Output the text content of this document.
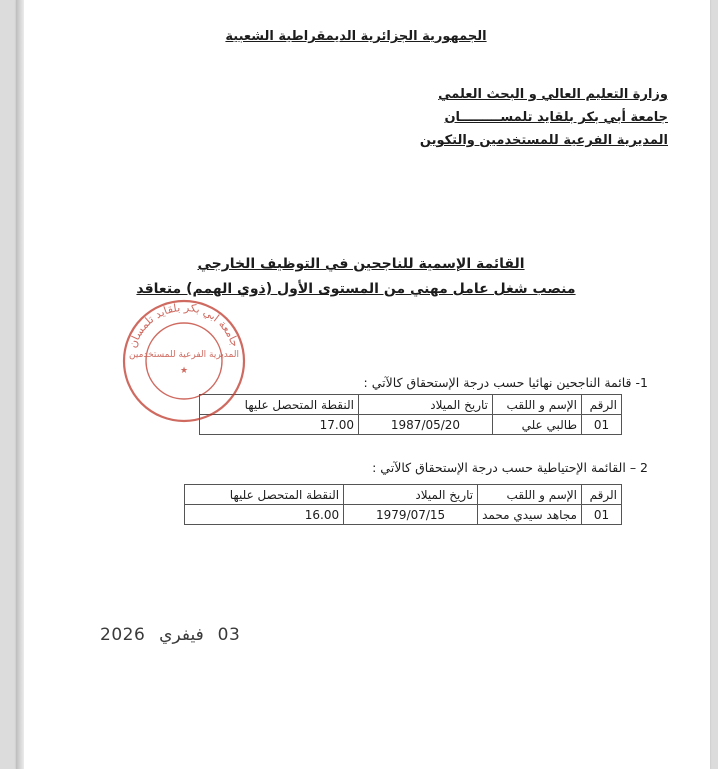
الجمهورية الجزائرية الديمقراطية الشعبية
وزارة التعليم العالي و البحث العلمي
جامعة أبي بكر بلقايد تلمســـــــــان
المديرية الفرعية للمستخدمين والتكوين
القائمة الإسمية للناجحين في التوظيف الخارجي
منصب شغل عامل مهني من المستوى الأول (ذوي الهمم) متعاقد
1- قائمة الناجحين نهائيا حسب درجة الإستحقاق كالآتي :
الرقم	الإسم و اللقب	تاريخ الميلاد	النقطة المتحصل عليها
01	طالبي علي	1987/05/20	17.00
2 – القائمة الإحتياطية حسب درجة الإستحقاق كالآتي :
الرقم	الإسم و اللقب	تاريخ الميلاد	النقطة المتحصل عليها
01	مجاهد سيدي محمد	1979/07/15	16.00
جامعة أبي بكر بلقايد تلمسان
المديرية الفرعية للمستخدمين
★
2026 فيفري 03
